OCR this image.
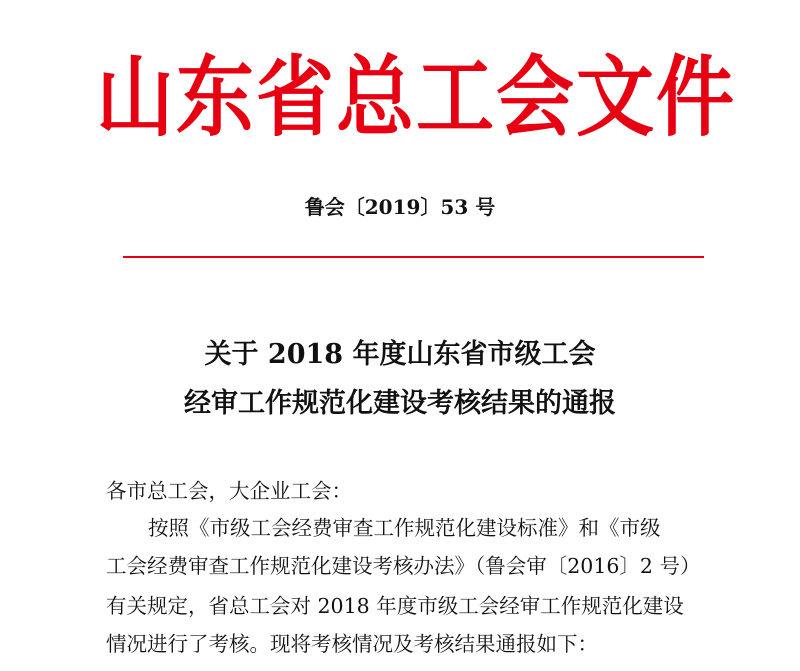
山东省总工会文件
鲁会〔2019〕53 号
关于 2018 年度山东省市级工会
经审工作规范化建设考核结果的通报
各市总工会，大企业工会：
按照《市级工会经费审查工作规范化建设标准》和《市级
工会经费审查工作规范化建设考核办法》（鲁会审〔2016〕2 号）
有关规定，省总工会对 2018 年度市级工会经审工作规范化建设
情况进行了考核。现将考核情况及考核结果通报如下：
